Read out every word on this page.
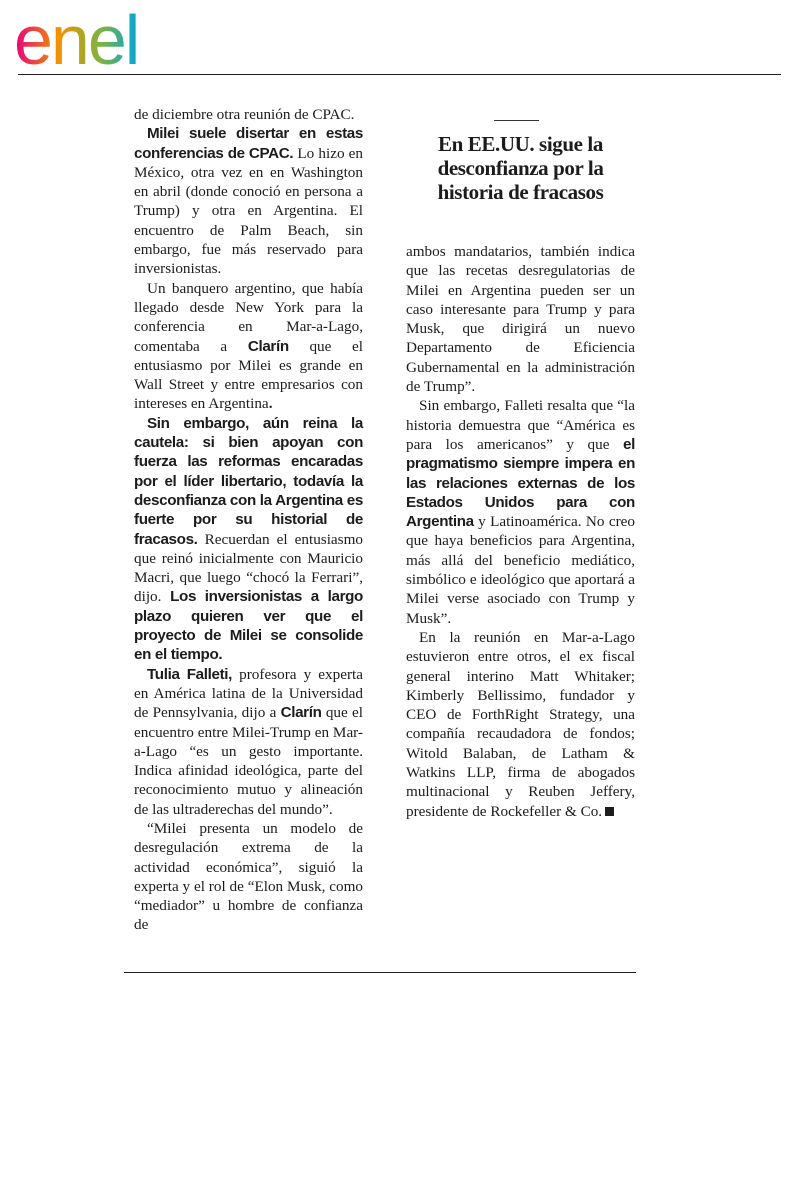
enel

de diciembre otra reunión de CPAC.

Milei suele disertar en estas conferencias de CPAC. Lo hizo en México, otra vez en en Washington en abril (donde conoció en persona a Trump) y otra en Argentina. El encuentro de Palm Beach, sin embargo, fue más reservado para inversionistas.

Un banquero argentino, que había llegado desde New York para la conferencia en Mar-a-Lago, comentaba a Clarín que el entusiasmo por Milei es grande en Wall Street y entre empresarios con intereses en Argentina.

Sin embargo, aún reina la cautela: si bien apoyan con fuerza las reformas encaradas por el líder libertario, todavía la desconfianza con la Argentina es fuerte por su historial de fracasos. Recuerdan el entusiasmo que reinó inicialmente con Mauricio Macri, que luego “chocó la Ferrari”, dijo. Los inversionistas a largo plazo quieren ver que el proyecto de Milei se consolide en el tiempo.

Tulia Falleti, profesora y experta en América latina de la Universidad de Pennsylvania, dijo a Clarín que el encuentro entre Milei-Trump en Mar-a-Lago “es un gesto importante. Indica afinidad ideológica, parte del reconocimiento mutuo y alineación de las ultraderechas del mundo”.

“Milei presenta un modelo de desregulación extrema de la actividad económica”, siguió la experta y el rol de “Elon Musk, como “mediador” u hombre de confianza de

En EE.UU. sigue la desconfianza por la historia de fracasos

ambos mandatarios, también indica que las recetas desregulatorias de Milei en Argentina pueden ser un caso interesante para Trump y para Musk, que dirigirá un nuevo Departamento de Eficiencia Gubernamental en la administración de Trump”.

Sin embargo, Falleti resalta que “la historia demuestra que “América es para los americanos” y que el pragmatismo siempre impera en las relaciones externas de los Estados Unidos para con Argentina y Latinoamérica. No creo que haya beneficios para Argentina, más allá del beneficio mediático, simbólico e ideológico que aportará a Milei verse asociado con Trump y Musk”.

En la reunión en Mar-a-Lago estuvieron entre otros, el ex fiscal general interino Matt Whitaker; Kimberly Bellissimo, fundador y CEO de ForthRight Strategy, una compañía recaudadora de fondos; Witold Balaban, de Latham & Watkins LLP, firma de abogados multinacional y Reuben Jeffery, presidente de Rockefeller & Co.
